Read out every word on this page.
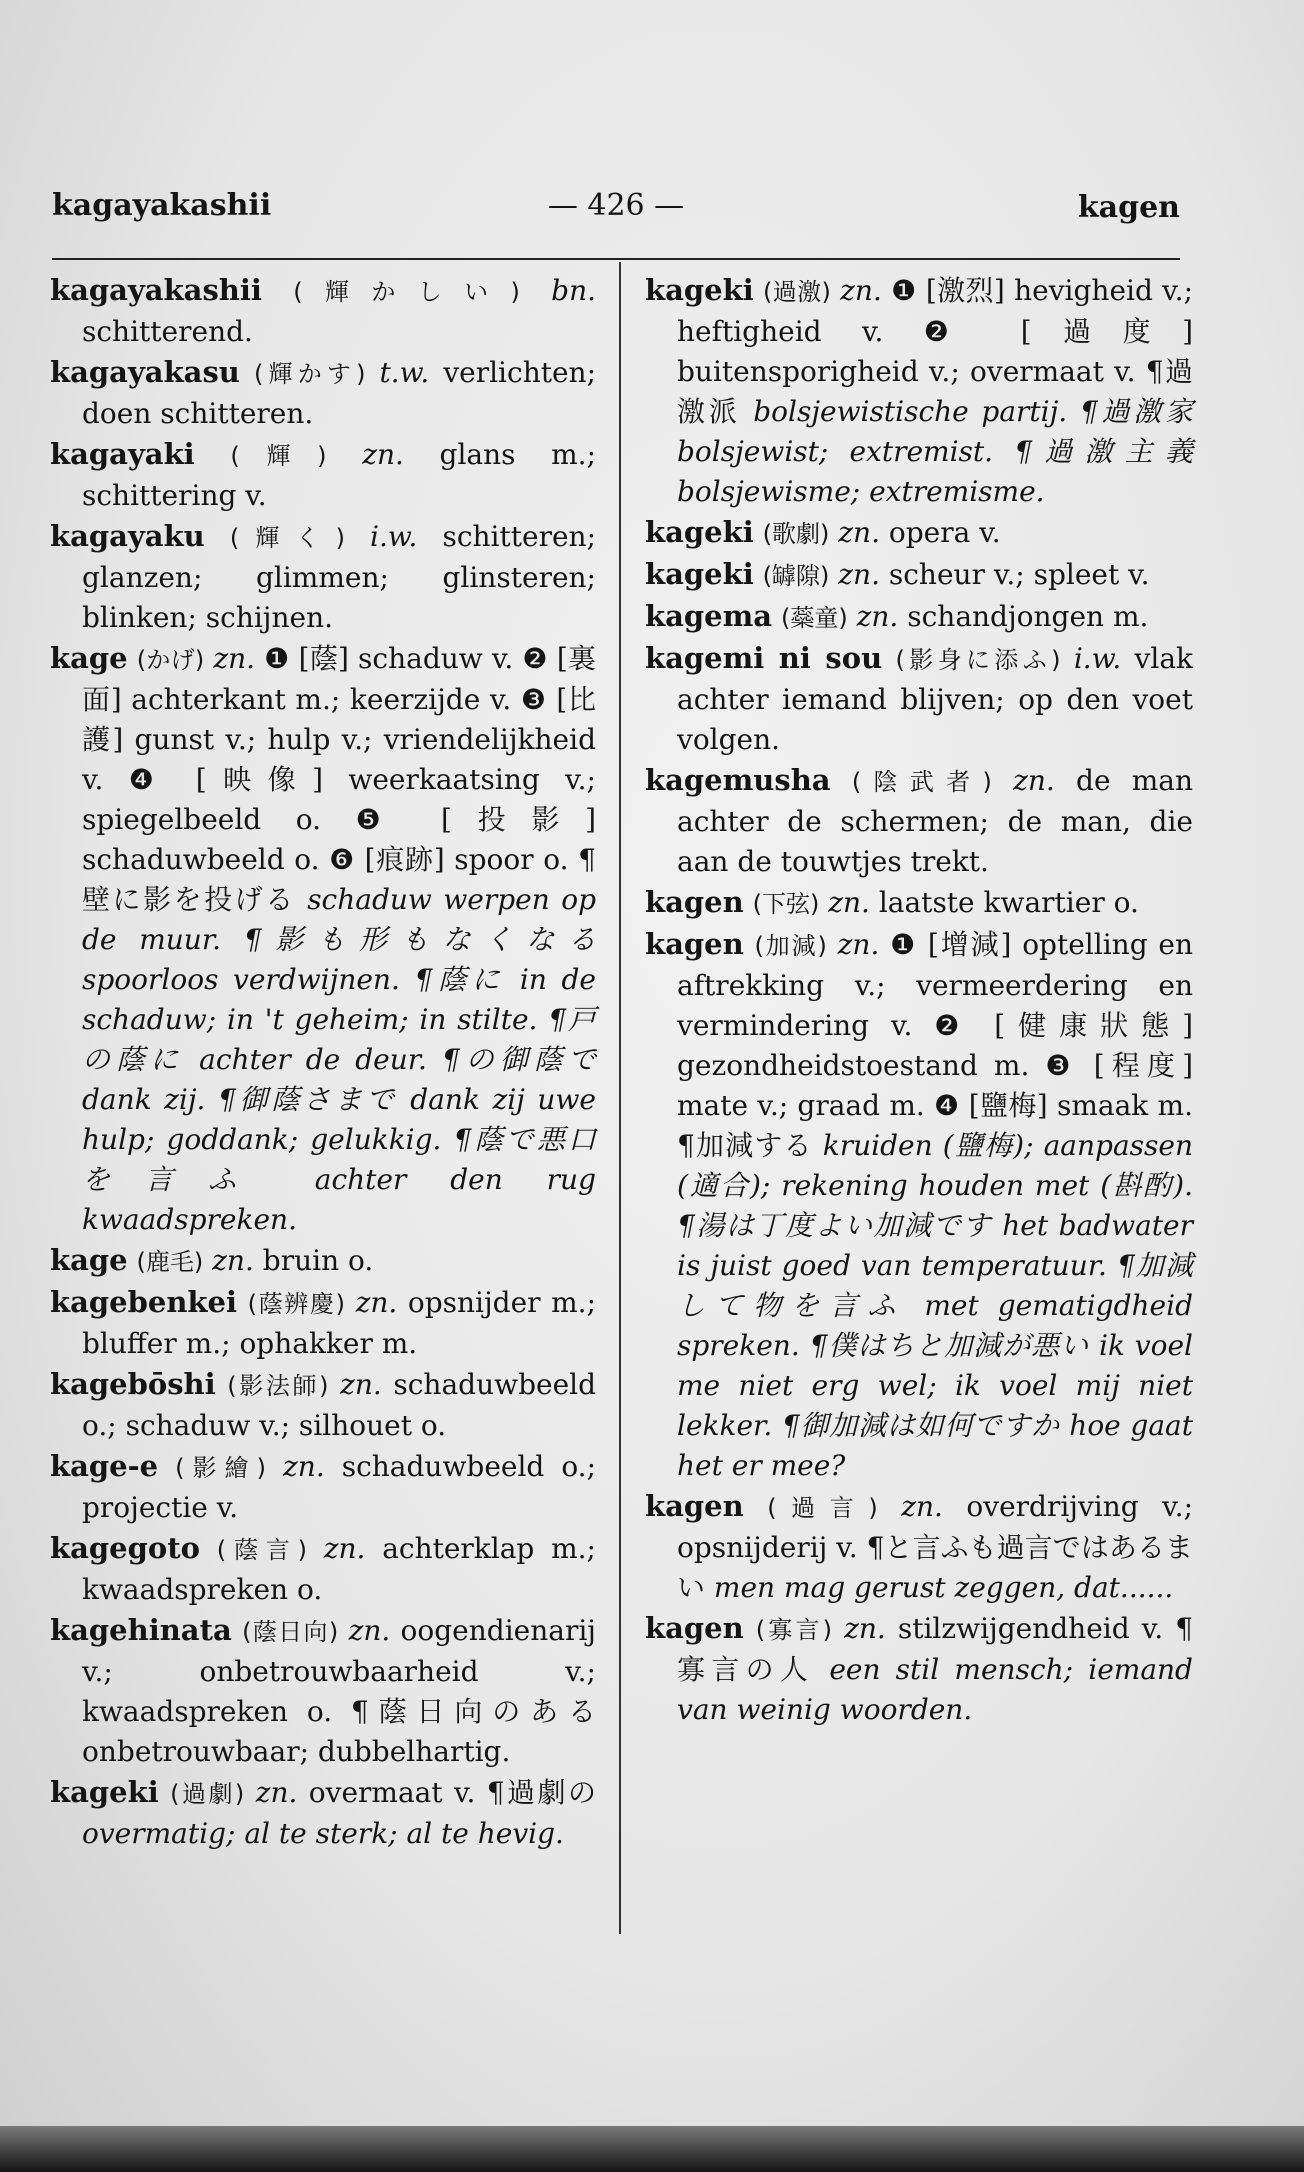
— 426 —
kagayakashii	kagen

kagayakashii (輝かしい) bn. schitterend.

kagayakasu (輝かす) t.w. verlichten; doen schitteren.

kagayaki (輝) zn. glans m.; schittering v.

kagayaku (輝く) i.w. schitteren; glanzen; glimmen; glinsteren; blinken; schijnen.

kage (かげ) zn. ❶ [蔭] schaduw v. ❷ [裏面] achterkant m.; keerzijde v. ❸ [比護] gunst v.; hulp v.; vriendelijkheid v. ❹ [映像] weerkaatsing v.; spiegelbeeld o. ❺ [投影] schaduwbeeld o. ❻ [痕跡] spoor o. ¶壁に影を投げる schaduw werpen op de muur. ¶影も形もなくなる spoorloos verdwijnen. ¶蔭に in de schaduw; in 't geheim; in stilte. ¶戸の蔭に achter de deur. ¶の御蔭で dank zij. ¶御蔭さまで dank zij uwe hulp; goddank; gelukkig. ¶蔭で悪口を言ふ achter den rug kwaadspreken.

kage (鹿毛) zn. bruin o.

kagebenkei (蔭辨慶) zn. opsnijder m.; bluffer m.; ophakker m.

kagebōshi (影法師) zn. schaduwbeeld o.; schaduw v.; silhouet o.

kage-e (影繪) zn. schaduwbeeld o.; projectie v.

kagegoto (蔭言) zn. achterklap m.; kwaadspreken o.

kagehinata (蔭日向) zn. oogendienarij v.; onbetrouwbaarheid v.; kwaadspreken o. ¶蔭日向のある onbetrouwbaar; dubbelhartig.

kageki (過劇) zn. overmaat v. ¶過劇の overmatig; al te sterk; al te hevig.

kageki (過激) zn. ❶ [激烈] hevigheid v.; heftigheid v. ❷ [過度] buitensporigheid v.; overmaat v. ¶過激派 bolsjewistische partij. ¶過激家 bolsjewist; extremist. ¶過激主義 bolsjewisme; extremisme.

kageki (歌劇) zn. opera v.

kageki (罅隙) zn. scheur v.; spleet v.

kagema (蘂童) zn. schandjongen m.

kagemi ni sou (影身に添ふ) i.w. vlak achter iemand blijven; op den voet volgen.

kagemusha (陰武者) zn. de man achter de schermen; de man, die aan de touwtjes trekt.

kagen (下弦) zn. laatste kwartier o.

kagen (加減) zn. ❶ [增減] optelling en aftrekking v.; vermeerdering en vermindering v. ❷ [健康狀態] gezondheidstoestand m. ❸ [程度] mate v.; graad m. ❹ [鹽梅] smaak m. ¶加減する kruiden (鹽梅); aanpassen (適合); rekening houden met (斟酌). ¶湯は丁度よい加減です het badwater is juist goed van temperatuur. ¶加減して物を言ふ met gematigdheid spreken. ¶僕はちと加減が悪い ik voel me niet erg wel; ik voel mij niet lekker. ¶御加減は如何ですか hoe gaat het er mee?

kagen (過言) zn. overdrijving v.; opsnijderij v. ¶と言ふも過言ではあるまい men mag gerust zeggen, dat......

kagen (寡言) zn. stilzwijgendheid v. ¶寡言の人 een stil mensch; iemand van weinig woorden.
